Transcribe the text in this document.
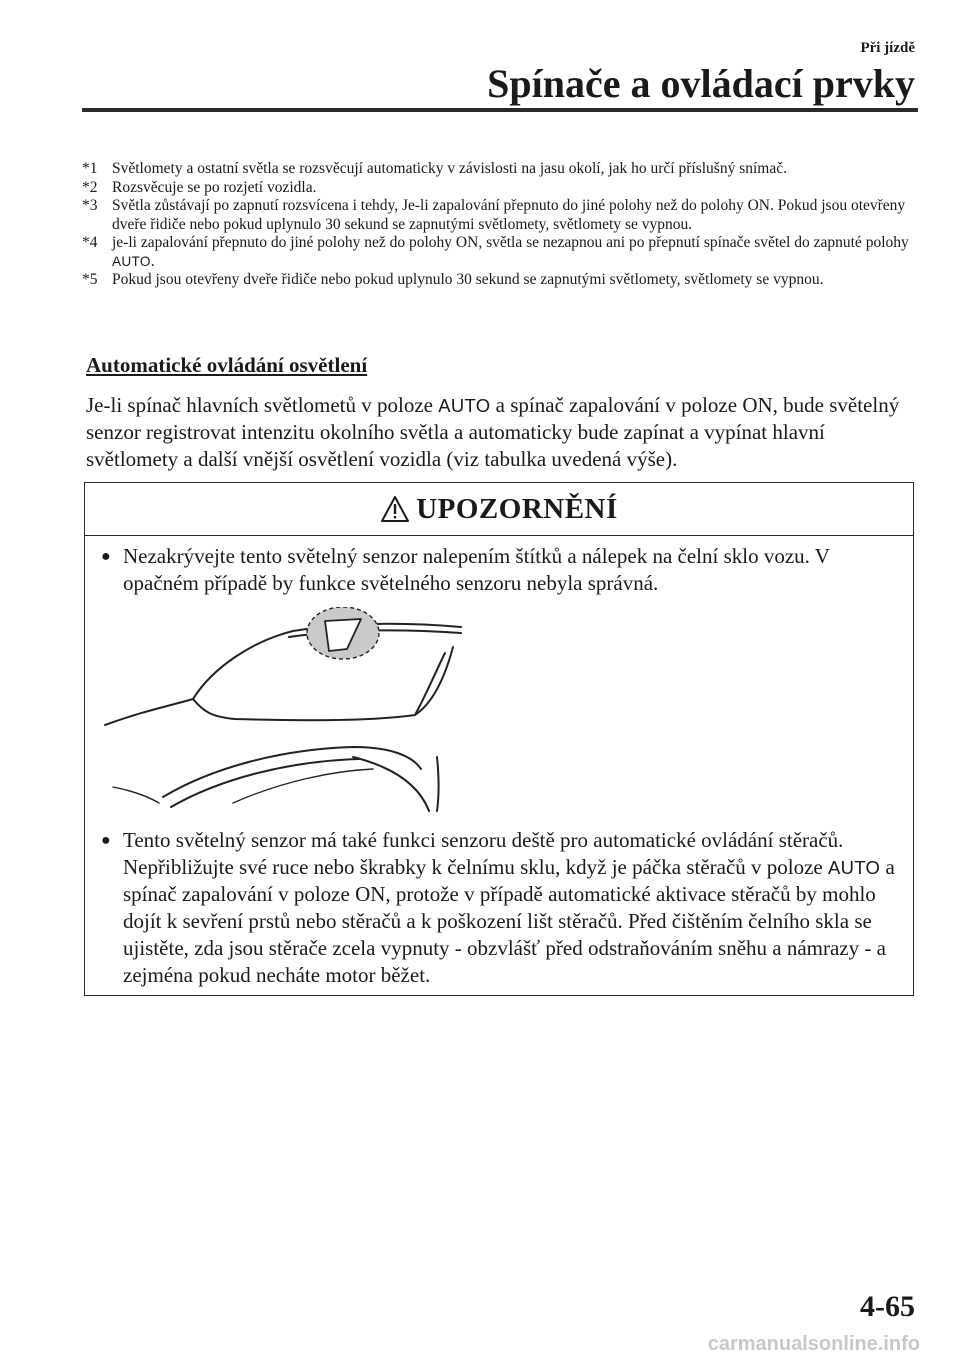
Při jízdě
Spínače a ovládací prvky
*1 Světlomety a ostatní světla se rozsvěcují automaticky v závislosti na jasu okolí, jak ho určí příslušný snímač.
*2 Rozsvěcuje se po rozjetí vozidla.
*3 Světla zůstávají po zapnutí rozsvícena i tehdy, Je-li zapalování přepnuto do jiné polohy než do polohy ON. Pokud jsou otevřeny dveře řidiče nebo pokud uplynulo 30 sekund se zapnutými světlomety, světlomety se vypnou.
*4 je-li zapalování přepnuto do jiné polohy než do polohy ON, světla se nezapnou ani po přepnutí spínače světel do zapnuté polohy AUTO.
*5 Pokud jsou otevřeny dveře řidiče nebo pokud uplynulo 30 sekund se zapnutými světlomety, světlomety se vypnou.
Automatické ovládání osvětlení
Je-li spínač hlavních světlometů v poloze AUTO a spínač zapalování v poloze ON, bude světelný senzor registrovat intenzitu okolního světla a automaticky bude zapínat a vypínat hlavní světlomety a další vnější osvětlení vozidla (viz tabulka uvedená výše).
UPOZORNĚNÍ
● Nezakrývejte tento světelný senzor nalepením štítků a nálepek na čelní sklo vozu. V opačném případě by funkce světelného senzoru nebyla správná.
● Tento světelný senzor má také funkci senzoru deště pro automatické ovládání stěračů. Nepřibližujte své ruce nebo škrabky k čelnímu sklu, když je páčka stěračů v poloze AUTO a spínač zapalování v poloze ON, protože v případě automatické aktivace stěračů by mohlo dojít k sevření prstů nebo stěračů a k poškození lišt stěračů. Před čištěním čelního skla se ujistěte, zda jsou stěrače zcela vypnuty - obzvlášť před odstraňováním sněhu a námrazy - a zejména pokud necháte motor běžet.
4-65
carmanualsonline.info
